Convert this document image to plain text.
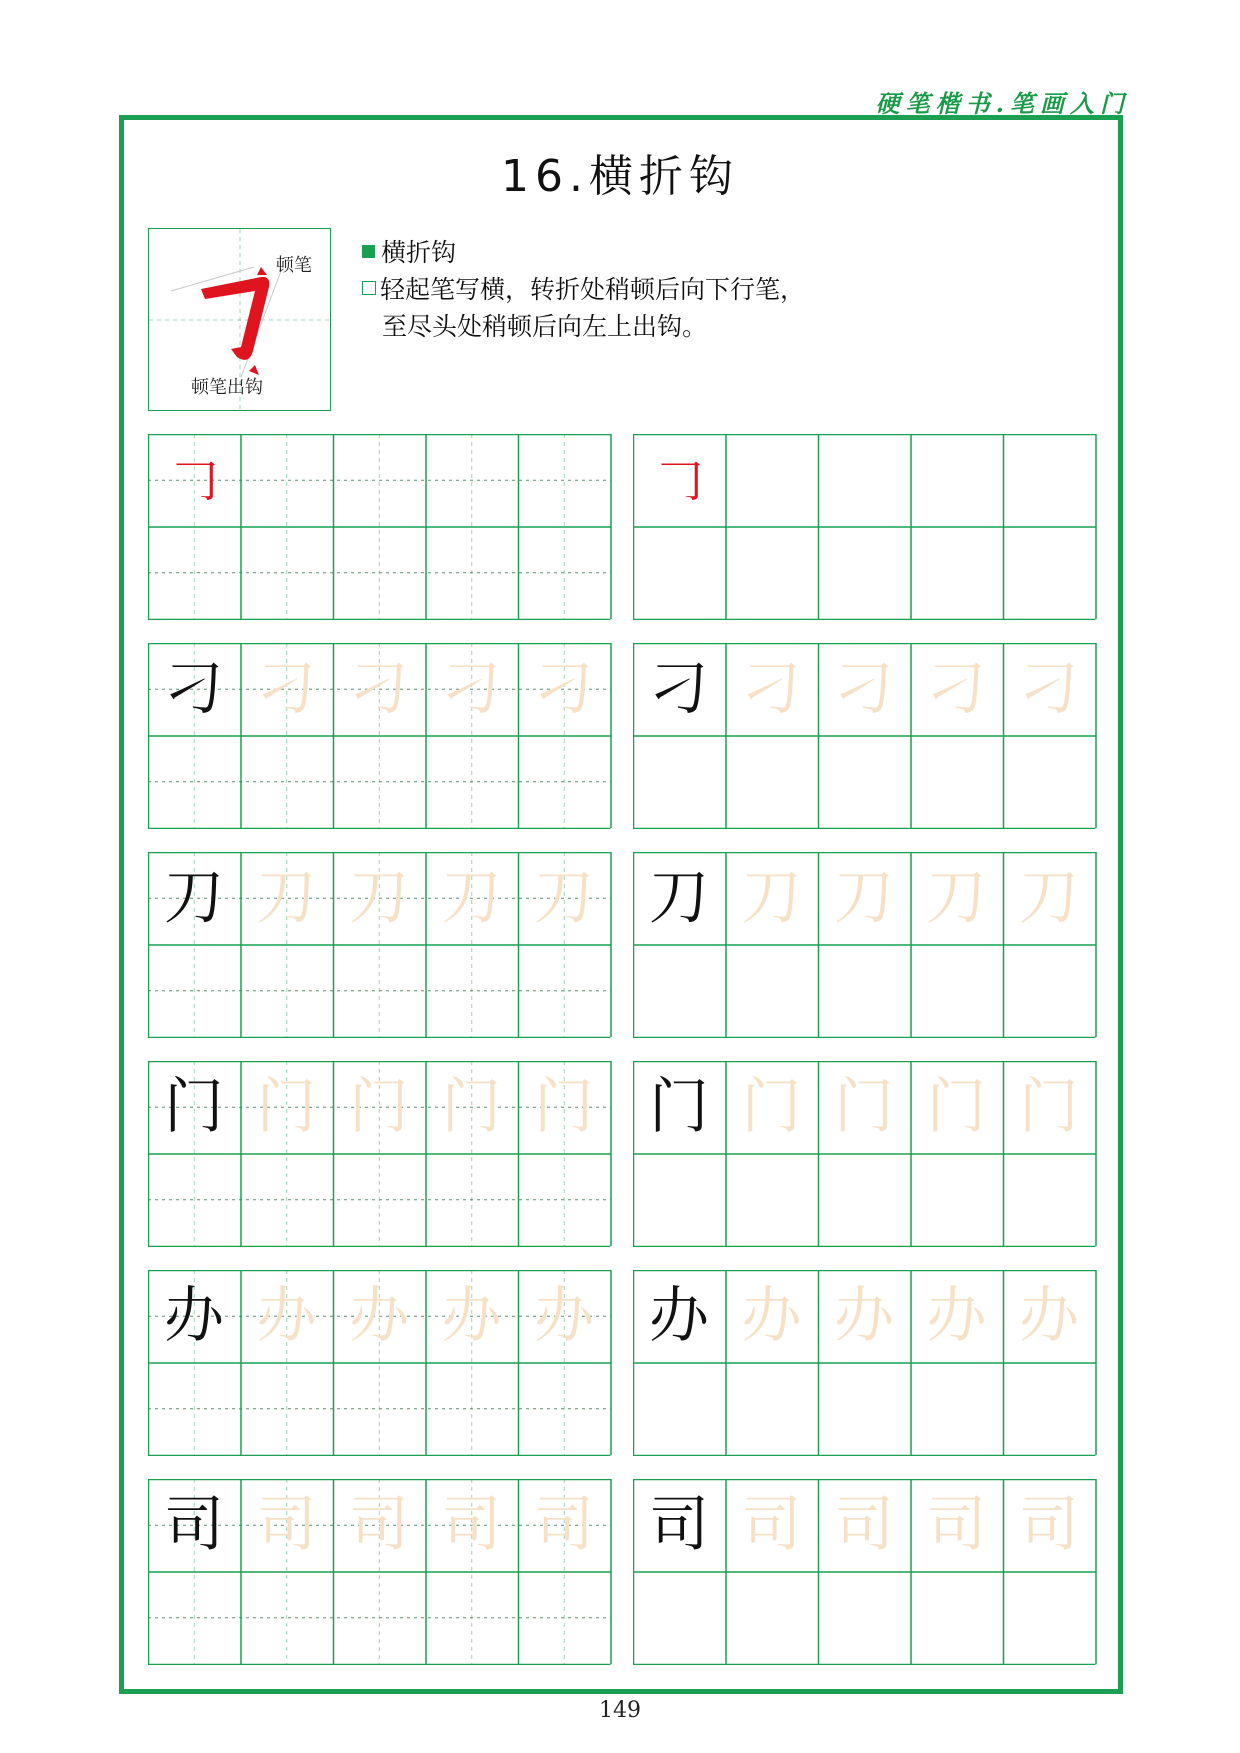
硬笔楷书.笔画入门
16.横折钩
顿笔
顿笔出钩
横折钩
轻起笔写横，转折处稍顿后向下行笔，
至尽头处稍顿后向左上出钩。
𠃌	𠃌
刁 刁 刁 刁 刁 刁 刁 刁 刁 刁
刀 刀 刀 刀 刀 刀 刀 刀 刀 刀
门 门 门 门 门 门 门 门 门 门
办 办 办 办 办 办 办 办 办 办
司 司 司 司 司 司 司 司 司 司
149
